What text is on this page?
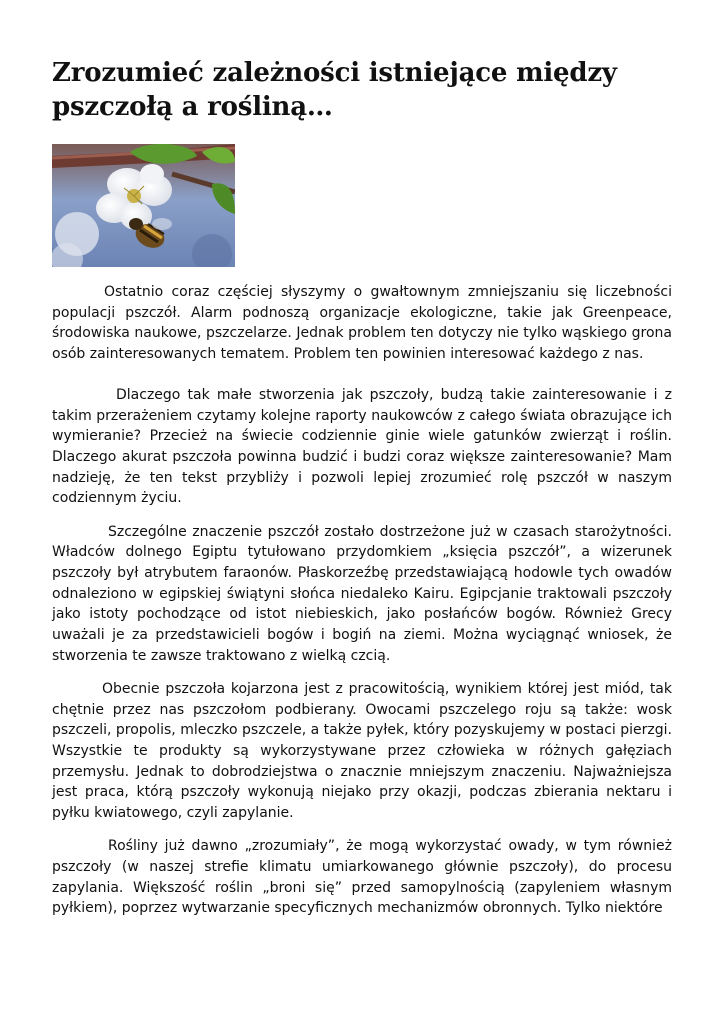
Zrozumieć zależności istniejące między pszczołą a rośliną…

Ostatnio coraz częściej słyszymy o gwałtownym zmniejszaniu się liczebności populacji pszczół. Alarm podnoszą organizacje ekologiczne, takie jak Greenpeace, środowiska naukowe, pszczelarze. Jednak problem ten dotyczy nie tylko wąskiego grona osób zainteresowanych tematem. Problem ten powinien interesować każdego z nas.

Dlaczego tak małe stworzenia jak pszczoły, budzą takie zainteresowanie i z takim przerażeniem czytamy kolejne raporty naukowców z całego świata obrazujące ich wymieranie? Przecież na świecie codziennie ginie wiele gatunków zwierząt i roślin. Dlaczego akurat pszczoła powinna budzić i budzi coraz większe zainteresowanie? Mam nadzieję, że ten tekst przybliży i pozwoli lepiej zrozumieć rolę pszczół w naszym codziennym życiu.

Szczególne znaczenie pszczół zostało dostrzeżone już w czasach starożytności. Władców dolnego Egiptu tytułowano przydomkiem „księcia pszczół”, a wizerunek pszczoły był atrybutem faraonów. Płaskorzeźbę przedstawiającą hodowle tych owadów odnaleziono w egipskiej świątyni słońca niedaleko Kairu. Egipcjanie traktowali pszczoły jako istoty pochodzące od istot niebieskich, jako posłańców bogów. Również Grecy uważali je za przedstawicieli bogów i bogiń na ziemi. Można wyciągnąć wniosek, że stworzenia te zawsze traktowano z wielką czcią.

Obecnie pszczoła kojarzona jest z pracowitością, wynikiem której jest miód, tak chętnie przez nas pszczołom podbierany. Owocami pszczelego roju są także: wosk pszczeli, propolis, mleczko pszczele, a także pyłek, który pozyskujemy w postaci pierzgi. Wszystkie te produkty są wykorzystywane przez człowieka w różnych gałęziach przemysłu. Jednak to dobrodziejstwa o znacznie mniejszym znaczeniu. Najważniejsza jest praca, którą pszczoły wykonują niejako przy okazji, podczas zbierania nektaru i pyłku kwiatowego, czyli zapylanie.

Rośliny już dawno „zrozumiały”, że mogą wykorzystać owady, w tym również pszczoły (w naszej strefie klimatu umiarkowanego głównie pszczoły), do procesu zapylania. Większość roślin „broni się” przed samopylnością (zapyleniem własnym pyłkiem), poprzez wytwarzanie specyficznych mechanizmów obronnych. Tylko niektóre
